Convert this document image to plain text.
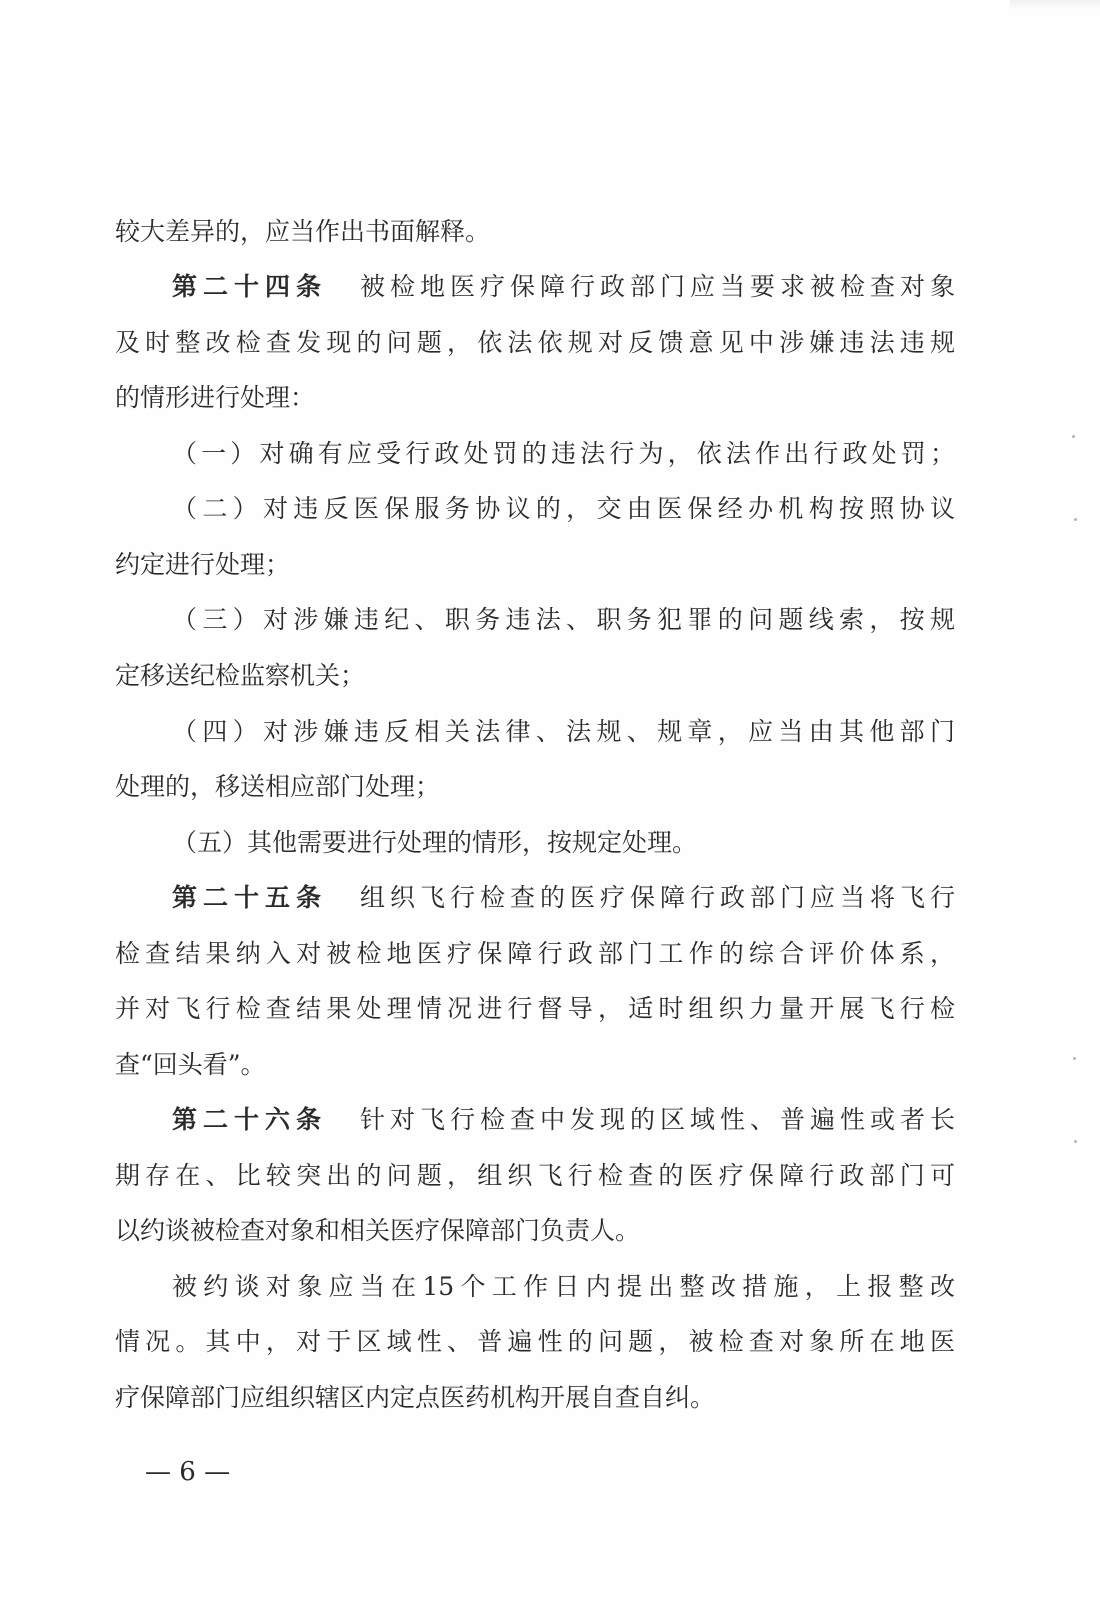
较大差异的，应当作出书面解释。
第二十四条 被检地医疗保障行政部门应当要求被检查对象
及时整改检查发现的问题，依法依规对反馈意见中涉嫌违法违规
的情形进行处理：
（一）对确有应受行政处罚的违法行为，依法作出行政处罚；
（二）对违反医保服务协议的，交由医保经办机构按照协议
约定进行处理；
（三）对涉嫌违纪、职务违法、职务犯罪的问题线索，按规
定移送纪检监察机关；
（四）对涉嫌违反相关法律、法规、规章，应当由其他部门
处理的，移送相应部门处理；
（五）其他需要进行处理的情形，按规定处理。
第二十五条 组织飞行检查的医疗保障行政部门应当将飞行
检查结果纳入对被检地医疗保障行政部门工作的综合评价体系，
并对飞行检查结果处理情况进行督导，适时组织力量开展飞行检
查“回头看”。
第二十六条 针对飞行检查中发现的区域性、普遍性或者长
期存在、比较突出的问题，组织飞行检查的医疗保障行政部门可
以约谈被检查对象和相关医疗保障部门负责人。
被约谈对象应当在15个工作日内提出整改措施，上报整改
情况。其中，对于区域性、普遍性的问题，被检查对象所在地医
疗保障部门应组织辖区内定点医药机构开展自查自纠。
— 6 —
